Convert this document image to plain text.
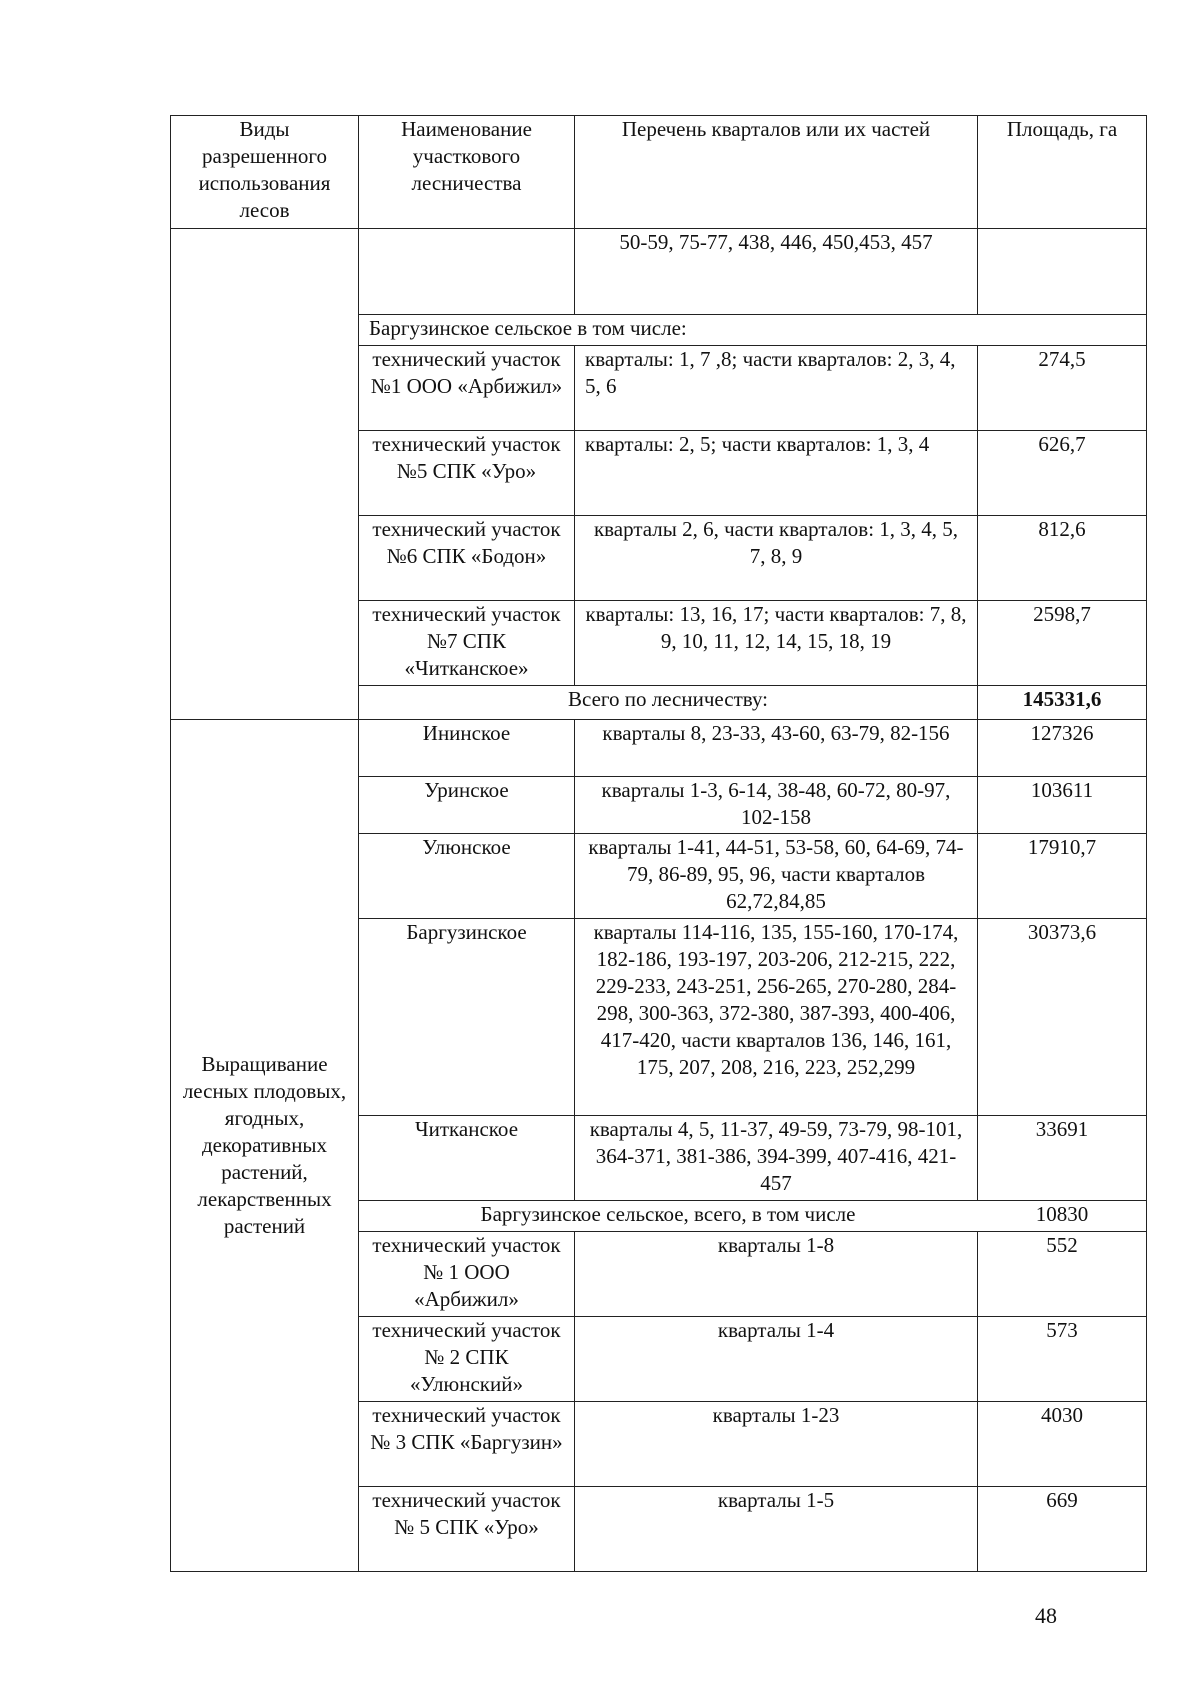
Виды разрешенного использования лесов	Наименование участкового лесничества	Перечень кварталов или их частей	Площадь, га
		50-59, 75-77, 438, 446, 450,453, 457	
	Баргузинское сельское в том числе:		
	технический участок №1 ООО «Арбижил»	кварталы: 1, 7 ,8; части кварталов: 2, 3, 4, 5, 6	274,5
	технический участок №5 СПК «Уро»	кварталы: 2, 5; части кварталов: 1, 3, 4	626,7
	технический участок №6 СПК «Бодон»	кварталы 2, 6, части кварталов: 1, 3, 4, 5, 7, 8, 9	812,6
	технический участок №7 СПК «Читканское»	кварталы: 13, 16, 17; части кварталов: 7, 8, 9, 10, 11, 12, 14, 15, 18, 19	2598,7
	Всего по лесничеству:		145331,6
Выращивание лесных плодовых, ягодных, декоративных растений, лекарственных растений	Ининское	кварталы 8, 23-33, 43-60, 63-79, 82-156	127326
	Уринское	кварталы 1-3, 6-14, 38-48, 60-72, 80-97, 102-158	103611
	Улюнское	кварталы 1-41, 44-51, 53-58, 60, 64-69, 74-79, 86-89, 95, 96, части кварталов 62,72,84,85	17910,7
	Баргузинское	кварталы 114-116, 135, 155-160, 170-174, 182-186, 193-197, 203-206, 212-215, 222, 229-233, 243-251, 256-265, 270-280, 284-298, 300-363, 372-380, 387-393, 400-406, 417-420, части кварталов 136, 146, 161, 175, 207, 208, 216, 223, 252,299	30373,6
	Читканское	кварталы 4, 5, 11-37, 49-59, 73-79, 98-101, 364-371, 381-386, 394-399, 407-416, 421-457	33691
	Баргузинское сельское, всего, в том числе		10830
	технический участок № 1 ООО «Арбижил»	кварталы 1-8	552
	технический участок № 2 СПК «Улюнский»	кварталы 1-4	573
	технический участок № 3 СПК «Баргузин»	кварталы 1-23	4030
	технический участок № 5 СПК «Уро»	кварталы 1-5	669
48
